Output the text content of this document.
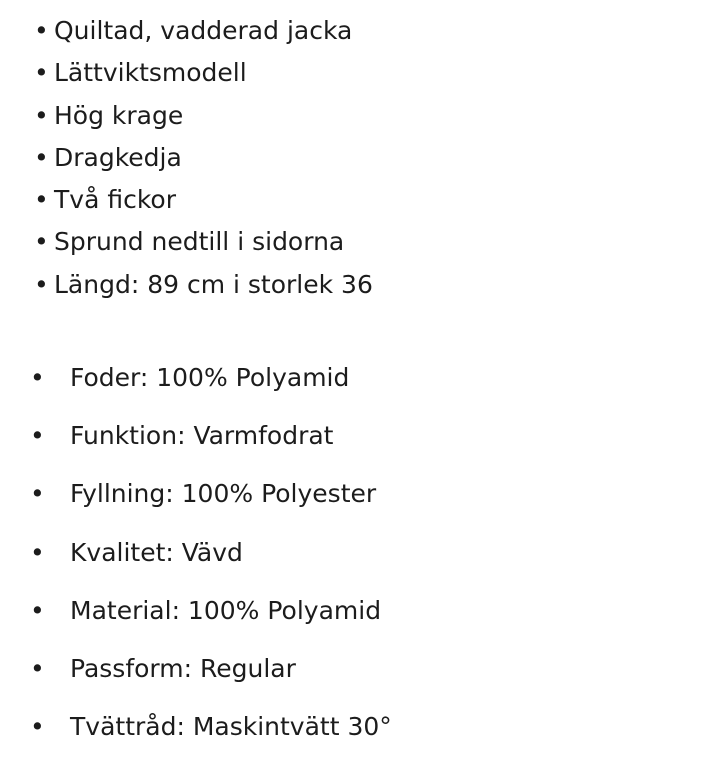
• Quiltad, vadderad jacka
• Lättviktsmodell
• Hög krage
• Dragkedja
• Två fickor
• Sprund nedtill i sidorna
• Längd: 89 cm i storlek 36
• Foder: 100% Polyamid
• Funktion: Varmfodrat
• Fyllning: 100% Polyester
• Kvalitet: Vävd
• Material: 100% Polyamid
• Passform: Regular
• Tvättråd: Maskintvätt 30°
